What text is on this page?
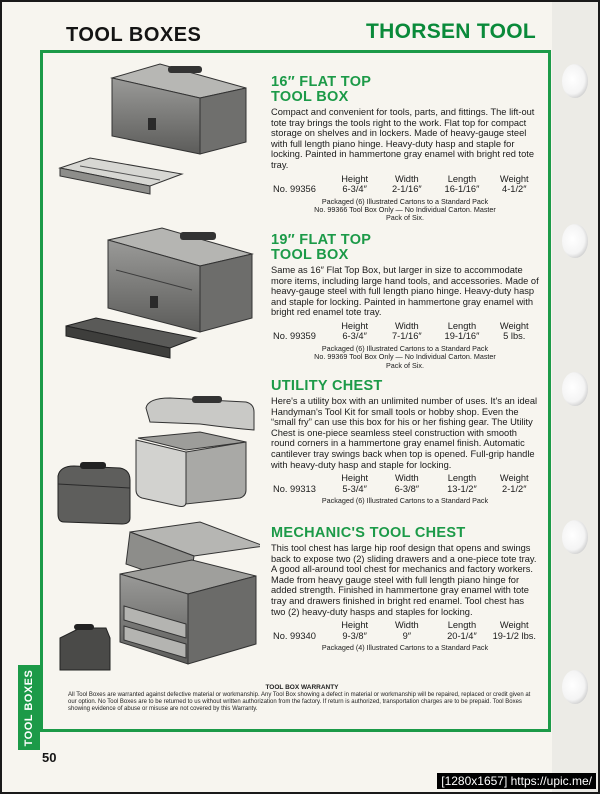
TOOL BOXES	THORSEN TOOL
16″ FLAT TOP
TOOL BOX
Compact and convenient for tools, parts, and fittings. The lift-out tote tray brings the tools right to the work. Flat top for compact storage on shelves and in lockers. Made of heavy-gauge steel with full length piano hinge. Heavy-duty hasp and staple for locking. Painted in hammertone gray enamel with bright red tote tray.
	Height	Width	Length	Weight
No. 99356	6-3/4″	2-1/16″	16-1/16″	4-1/2″
Packaged (6) Illustrated Cartons to a Standard Pack
No. 99366 Tool Box Only — No Individual Carton. Master
Pack of Six.
19″ FLAT TOP
TOOL BOX
Same as 16″ Flat Top Box, but larger in size to accommodate more items, including large hand tools, and accessories. Made of heavy-gauge steel with full length piano hinge. Heavy-duty hasp and staple for locking. Painted in hammertone gray enamel with bright red enamel tote tray.
	Height	Width	Length	Weight
No. 99359	6-3/4″	7-1/16″	19-1/16″	5 lbs.
Packaged (6) Illustrated Cartons to a Standard Pack
No. 99369 Tool Box Only — No Individual Carton. Master
Pack of Six.
UTILITY CHEST
Here's a utility box with an unlimited number of uses. It's an ideal Handyman's Tool Kit for small tools or hobby shop. Even the “small fry” can use this box for his or her fishing gear. The Utility Chest is one-piece seamless steel construction with smooth round corners in a hammertone gray enamel finish. Automatic cantilever tray swings back when top is opened. Full-grip handle with heavy-duty hasp and staple for locking.
	Height	Width	Length	Weight
No. 99313	5-3/4″	6-3/8″	13-1/2″	2-1/2″
Packaged (6) Illustrated Cartons to a Standard Pack
MECHANIC'S TOOL CHEST
This tool chest has large hip roof design that opens and swings back to expose two (2) sliding drawers and a one-piece tote tray. A good all-around tool chest for mechanics and factory workers. Made from heavy gauge steel with full length piano hinge for added strength. Finished in hammertone gray enamel with tote tray and drawers finished in bright red enamel. Tool chest has two (2) heavy-duty hasps and staples for locking.
	Height	Width	Length	Weight
No. 99340	9-3/8″	9″	20-1/4″	19-1/2 lbs.
Packaged (4) Illustrated Cartons to a Standard Pack
TOOL BOX WARRANTY
All Tool Boxes are warranted against defective material or workmanship. Any Tool Box showing a defect in material or workmanship will be repaired, replaced or credit given at our option. No Tool Boxes are to be returned to us without written authorization from the factory. If return is authorized, transportation charges are to be prepaid. Tool Boxes showing evidence of abuse or misuse are not covered by this Warranty.
TOOL BOXES
50
[1280x1657] https://upic.me/
